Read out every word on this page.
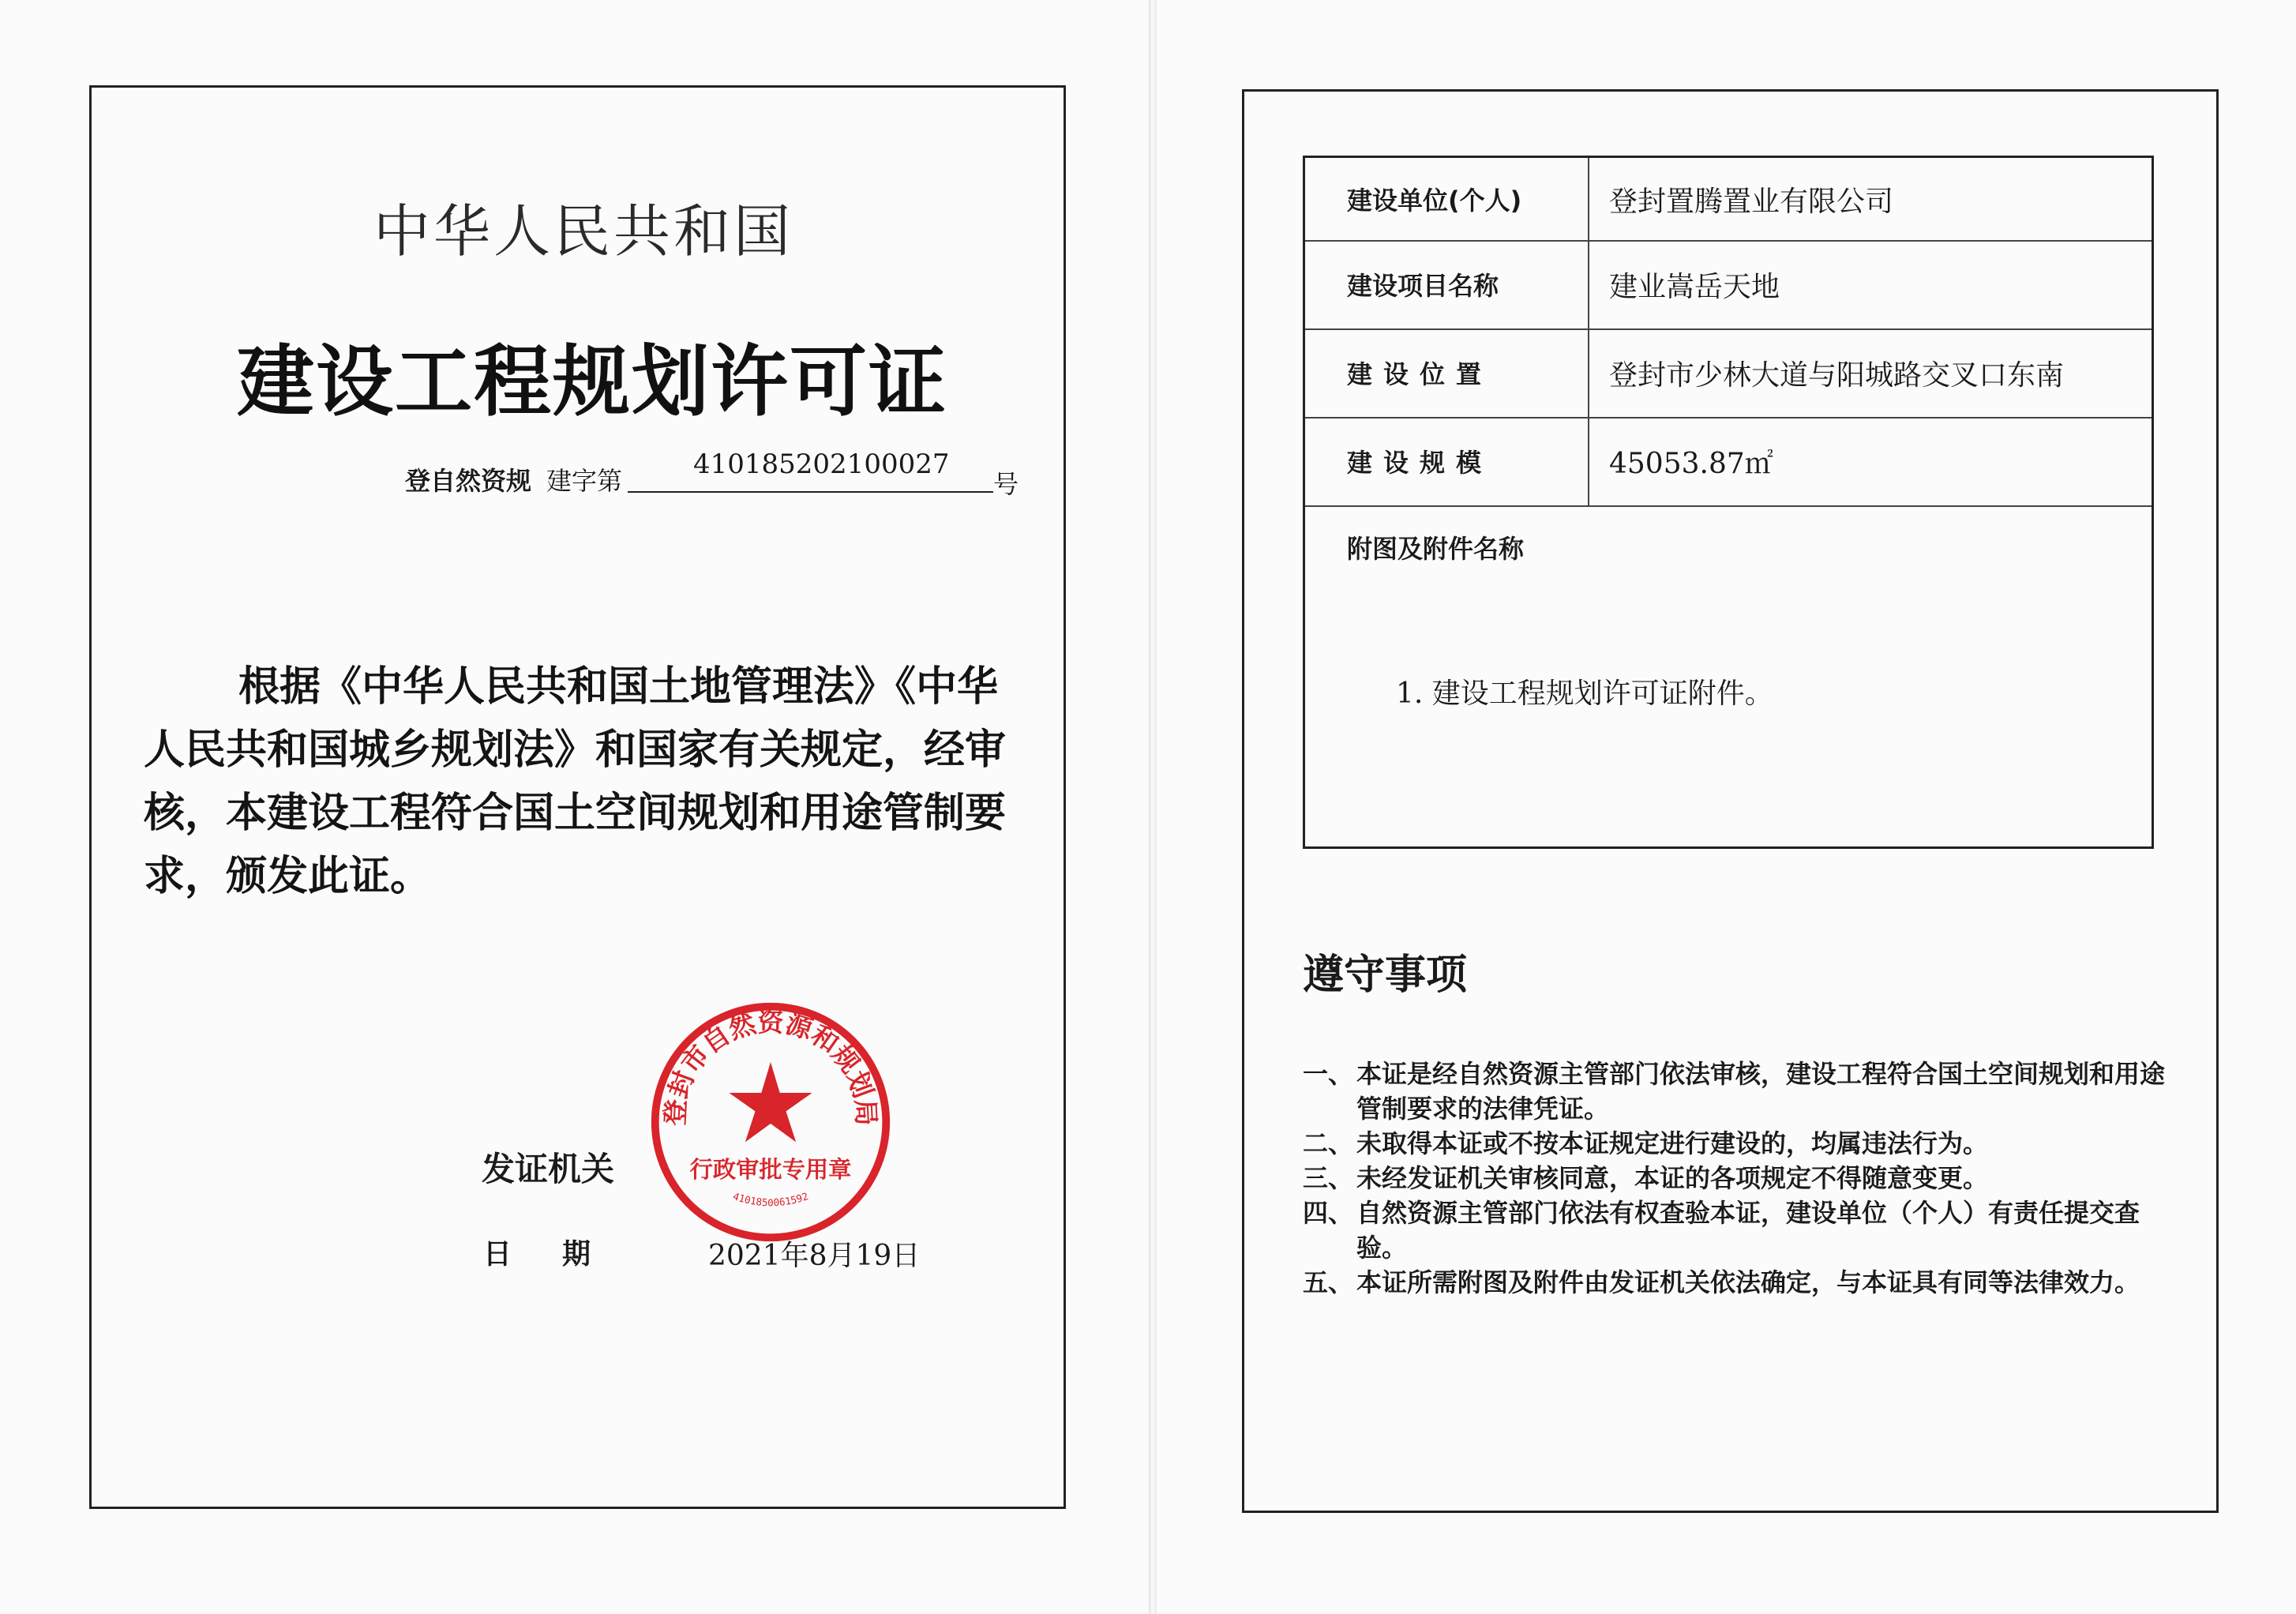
中华人民共和国
建设工程规划许可证
登自然资规 建字第
410185202100027
号
根据《中华人民共和国土地管理法》《中华人民共和国城乡规划法》和国家有关规定，经审核，本建设工程符合国土空间规划和用途管制要求，颁发此证。
发证机关
日期 2021年8月19日
登封市自然资源和规划局
行政审批专用章
4101850061592
建设单位(个人)	登封置腾置业有限公司
建设项目名称	建业嵩岳天地
建设位置	登封市少林大道与阳城路交叉口东南
建设规模	45053.87㎡
附图及附件名称
1. 建设工程规划许可证附件。
遵守事项
一、 本证是经自然资源主管部门依法审核，建设工程符合国土空间规划和用途管制要求的法律凭证。
二、 未取得本证或不按本证规定进行建设的，均属违法行为。
三、 未经发证机关审核同意，本证的各项规定不得随意变更。
四、 自然资源主管部门依法有权查验本证，建设单位（个人）有责任提交查验。
五、 本证所需附图及附件由发证机关依法确定，与本证具有同等法律效力。
